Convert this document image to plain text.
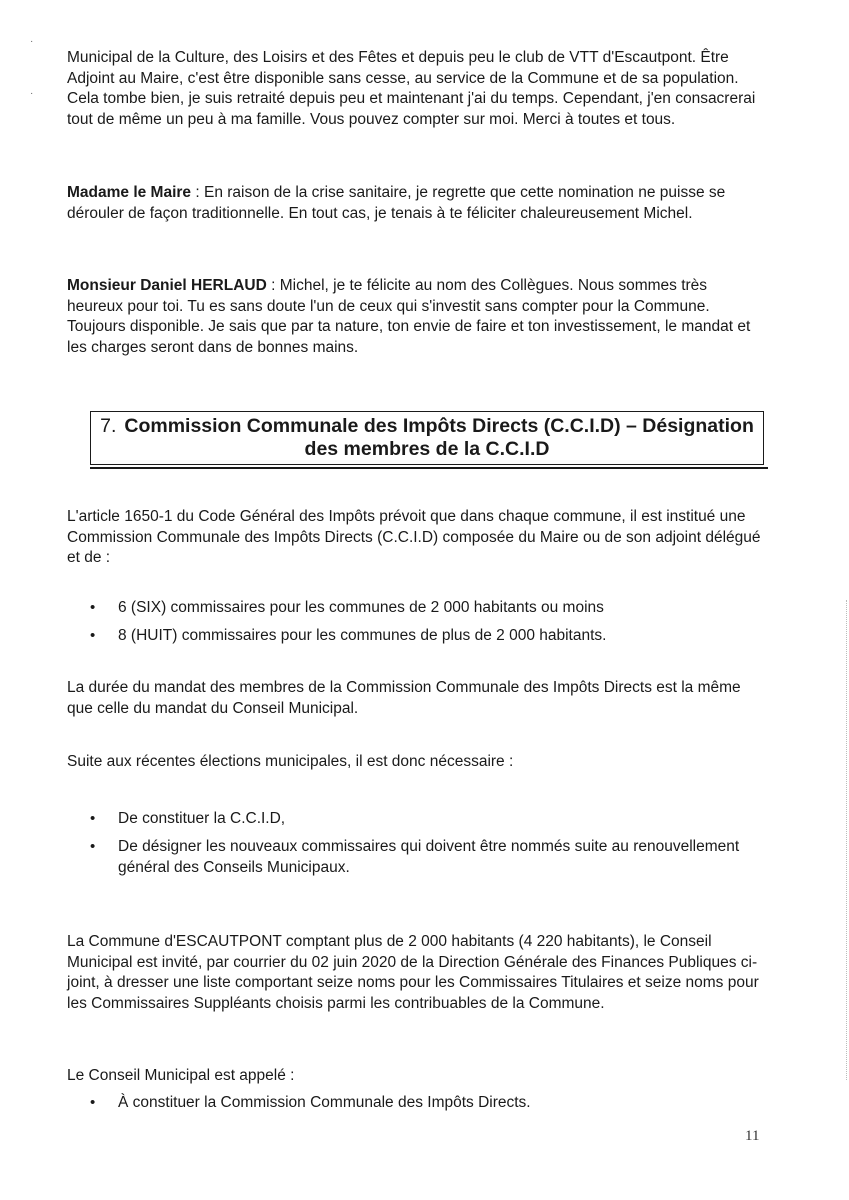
·
·

Municipal de la Culture, des Loisirs et des Fêtes et depuis peu le club de VTT d'Escautpont. Être Adjoint au Maire, c'est être disponible sans cesse, au service de la Commune et de sa population. Cela tombe bien, je suis retraité depuis peu et maintenant j'ai du temps. Cependant, j'en consacrerai tout de même un peu à ma famille. Vous pouvez compter sur moi. Merci à toutes et tous.

Madame le Maire : En raison de la crise sanitaire, je regrette que cette nomination ne puisse se dérouler de façon traditionnelle. En tout cas, je tenais à te féliciter chaleureusement Michel.

Monsieur Daniel HERLAUD : Michel, je te félicite au nom des Collègues. Nous sommes très heureux pour toi. Tu es sans doute l'un de ceux qui s'investit sans compter pour la Commune. Toujours disponible. Je sais que par ta nature, ton envie de faire et ton investissement, le mandat et les charges seront dans de bonnes mains.

7. Commission Communale des Impôts Directs (C.C.I.D) – Désignation
des membres de la C.C.I.D

L'article 1650-1 du Code Général des Impôts prévoit que dans chaque commune, il est institué une Commission Communale des Impôts Directs (C.C.I.D) composée du Maire ou de son adjoint délégué et de :

• 6 (SIX) commissaires pour les communes de 2 000 habitants ou moins
• 8 (HUIT) commissaires pour les communes de plus de 2 000 habitants.

La durée du mandat des membres de la Commission Communale des Impôts Directs est la même que celle du mandat du Conseil Municipal.

Suite aux récentes élections municipales, il est donc nécessaire :

• De constituer la C.C.I.D,
• De désigner les nouveaux commissaires qui doivent être nommés suite au renouvellement général des Conseils Municipaux.

La Commune d'ESCAUTPONT comptant plus de 2 000 habitants (4 220 habitants), le Conseil Municipal est invité, par courrier du 02 juin 2020 de la Direction Générale des Finances Publiques ci-joint, à dresser une liste comportant seize noms pour les Commissaires Titulaires et seize noms pour les Commissaires Suppléants choisis parmi les contribuables de la Commune.

Le Conseil Municipal est appelé :

• À constituer la Commission Communale des Impôts Directs.
11
